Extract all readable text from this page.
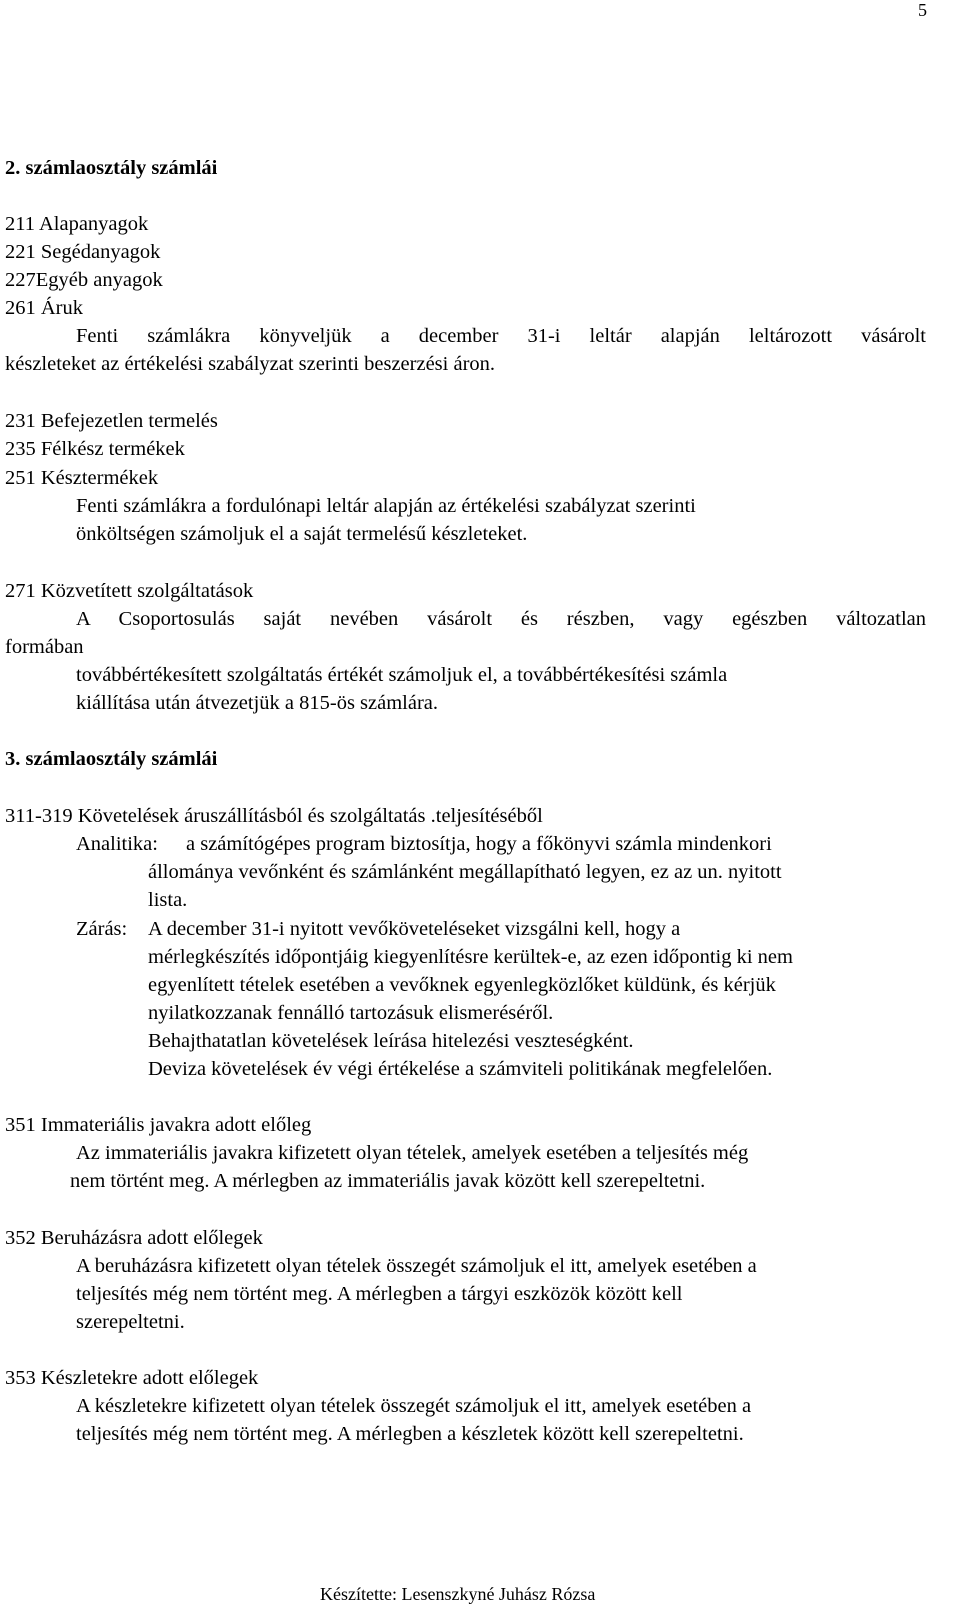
5

2. számlaosztály számlái

211 Alapanyagok

221 Segédanyagok

227Egyéb anyagok

261 Áruk

Fenti számlákra könyveljük a december 31-i leltár alapján leltározott vásárolt

készleteket az értékelési szabályzat szerinti beszerzési áron.

231 Befejezetlen termelés

235 Félkész termékek

251 Késztermékek

Fenti számlákra a fordulónapi leltár alapján az értékelési szabályzat szerinti

önköltségen számoljuk el a saját termelésű készleteket.

271 Közvetített szolgáltatások

A Csoportosulás saját nevében vásárolt és részben, vagy egészben változatlan

formában

továbbértékesített szolgáltatás értékét számoljuk el, a továbbértékesítési számla

kiállítása után átvezetjük a 815-ös számlára.

3. számlaosztály számlái

311-319 Követelések áruszállításból és szolgáltatás .teljesítéséből

Analitika: a számítógépes program biztosítja, hogy a főkönyvi számla mindenkori

állománya vevőnként és számlánként megállapítható legyen, ez az un. nyitott

lista.

Zárás: A december 31-i nyitott vevőköveteléseket vizsgálni kell, hogy a

mérlegkészítés időpontjáig kiegyenlítésre kerültek-e, az ezen időpontig ki nem

egyenlített tételek esetében a vevőknek egyenlegközlőket küldünk, és kérjük

nyilatkozzanak fennálló tartozásuk elismeréséről.

Behajthatatlan követelések leírása hitelezési veszteségként.

Deviza követelések év végi értékelése a számviteli politikának megfelelően.

351 Immateriális javakra adott előleg

Az immateriális javakra kifizetett olyan tételek, amelyek esetében a teljesítés még

nem történt meg. A mérlegben az immateriális javak között kell szerepeltetni.

352 Beruházásra adott előlegek

A beruházásra kifizetett olyan tételek összegét számoljuk el itt, amelyek esetében a

teljesítés még nem történt meg. A mérlegben a tárgyi eszközök között kell

szerepeltetni.

353 Készletekre adott előlegek

A készletekre kifizetett olyan tételek összegét számoljuk el itt, amelyek esetében a

teljesítés még nem történt meg. A mérlegben a készletek között kell szerepeltetni.

Készítette: Lesenszkyné Juhász Rózsa
